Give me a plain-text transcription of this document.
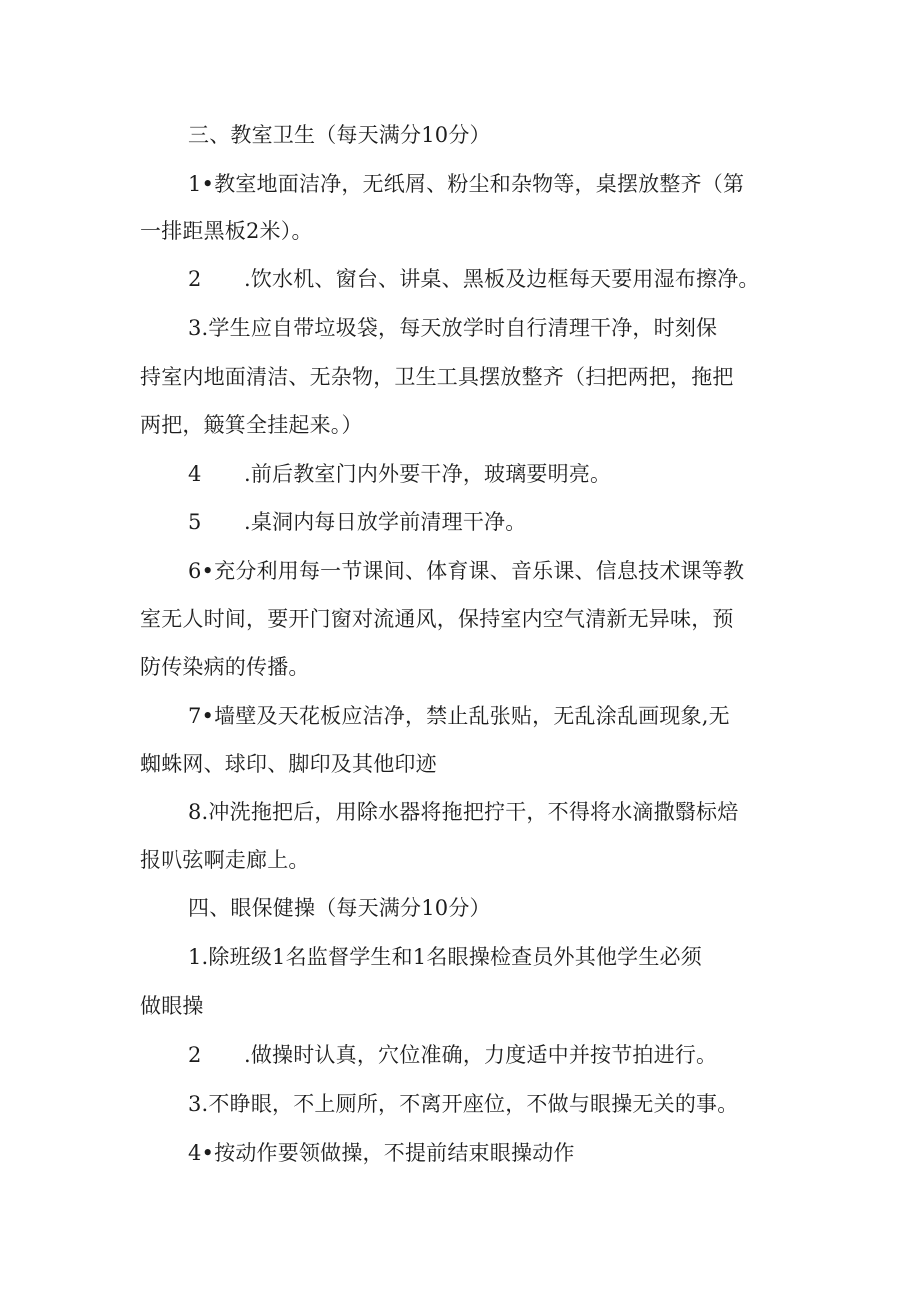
三、教室卫生（每天满分10分）
1•教室地面洁净，无纸屑、粉尘和杂物等，桌摆放整齐（第
一排距黑板2米）。
2　　.饮水机、窗台、讲桌、黑板及边框每天要用湿布擦净。
3.学生应自带垃圾袋，每天放学时自行清理干净，时刻保
持室内地面清洁、无杂物，卫生工具摆放整齐（扫把两把，拖把
两把，簸箕全挂起来。）
4　　.前后教室门内外要干净，玻璃要明亮。
5　　.桌洞内每日放学前清理干净。
6•充分利用每一节课间、体育课、音乐课、信息技术课等教
室无人时间，要开门窗对流通风，保持室内空气清新无异味，预
防传染病的传播。
7•墙壁及天花板应洁净，禁止乱张贴，无乱涂乱画现象,无
蜘蛛网、球印、脚印及其他印迹
8.冲洗拖把后，用除水器将拖把拧干，不得将水滴撒翳标焙
报叭弦啊走廊上。
四、眼保健操（每天满分10分）
1.除班级1名监督学生和1名眼操检查员外其他学生必须
做眼操
2　　.做操时认真，穴位准确，力度适中并按节拍进行。
3.不睁眼，不上厕所，不离开座位，不做与眼操无关的事。
4•按动作要领做操，不提前结束眼操动作
